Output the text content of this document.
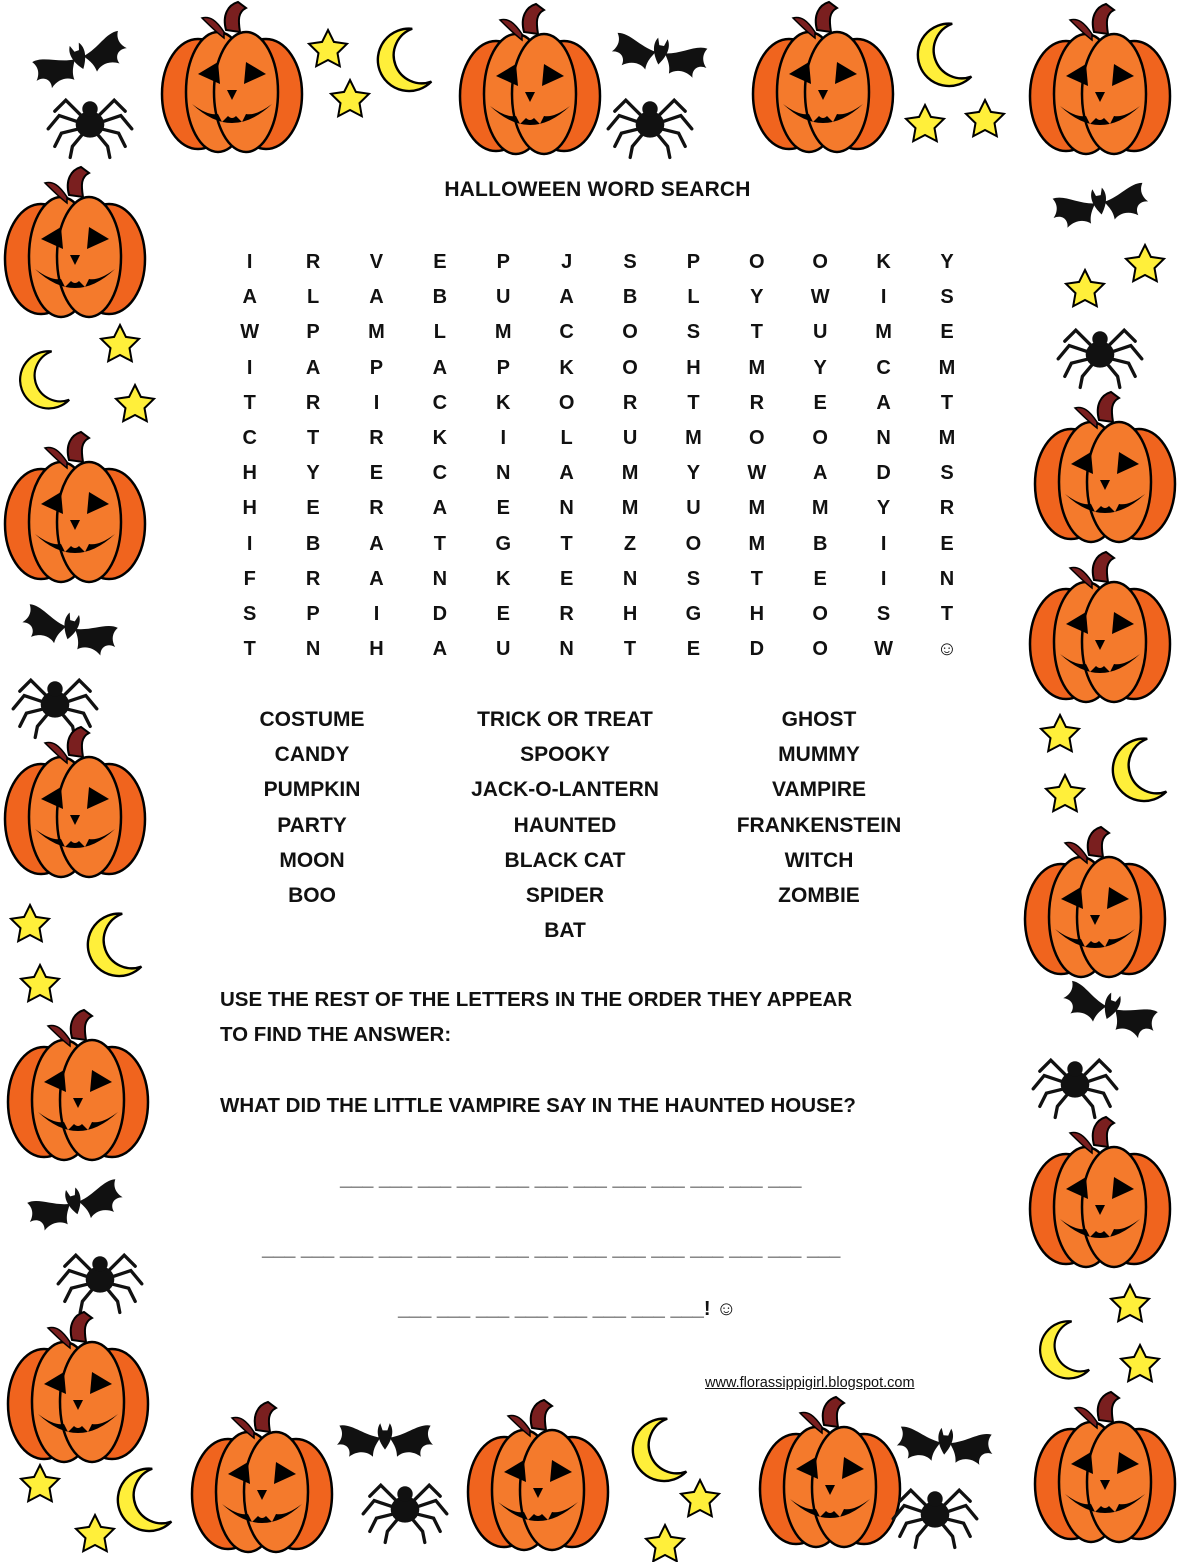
HALLOWEEN WORD SEARCH
I	R	V	E	P	J	S	P	O	O	K	Y
A	L	A	B	U	A	B	L	Y	W	I	S
W	P	M	L	M	C	O	S	T	U	M	E
I	A	P	A	P	K	O	H	M	Y	C	M
T	R	I	C	K	O	R	T	R	E	A	T
C	T	R	K	I	L	U	M	O	O	N	M
H	Y	E	C	N	A	M	Y	W	A	D	S
H	E	R	A	E	N	M	U	M	M	Y	R
I	B	A	T	G	T	Z	O	M	B	I	E
F	R	A	N	K	E	N	S	T	E	I	N
S	P	I	D	E	R	H	G	H	O	S	T
T	N	H	A	U	N	T	E	D	O	W	☺
COSTUME
CANDY
PUMPKIN
PARTY
MOON
BOO
TRICK OR TREAT
SPOOKY
JACK-O-LANTERN
HAUNTED
BLACK CAT
SPIDER
BAT
GHOST
MUMMY
VAMPIRE
FRANKENSTEIN
WITCH
ZOMBIE
USE THE REST OF THE LETTERS IN THE ORDER THEY APPEAR
TO FIND THE ANSWER:
WHAT DID THE LITTLE VAMPIRE SAY IN THE HAUNTED HOUSE?
___ ___ ___ ___ ___ ___ ___ ___ ___ ___ ___ ___
___ ___ ___ ___ ___ ___ ___ ___ ___ ___ ___ ___ ___ ___ ___
___ ___ ___ ___ ___ ___ ___ ___! ☺
www.florassippigirl.blogspot.com
